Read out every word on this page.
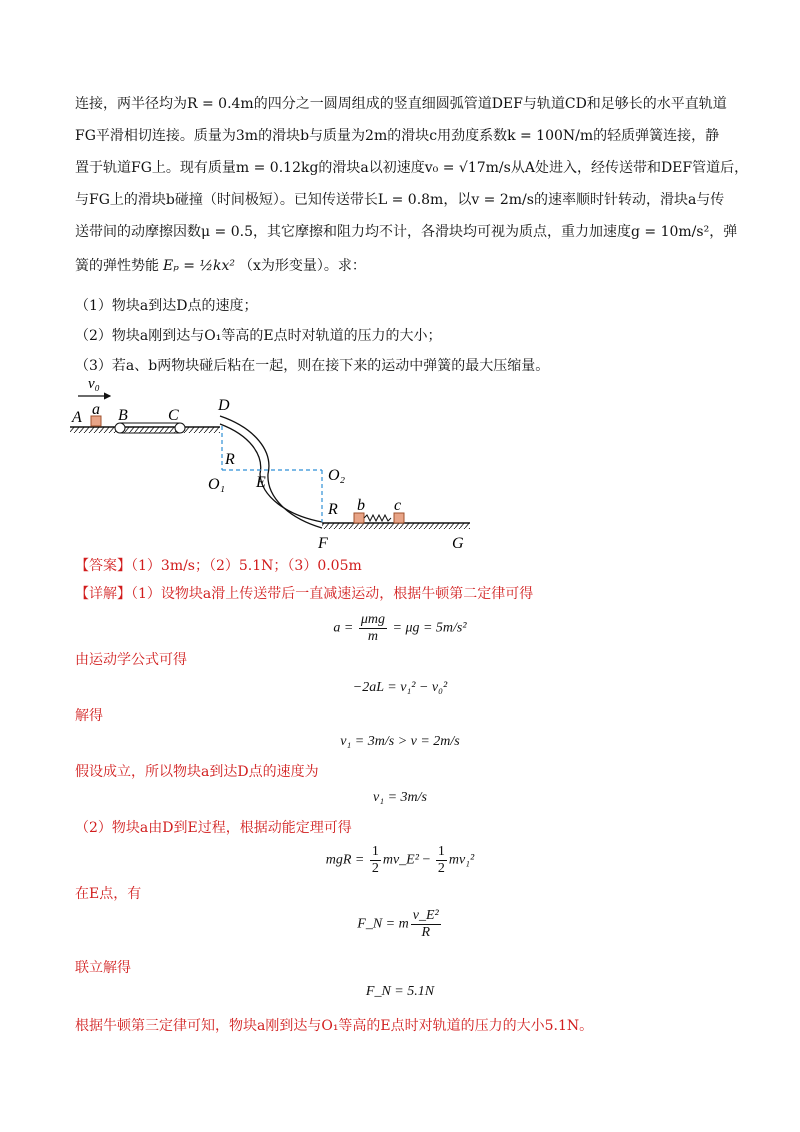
连接，两半径均为R = 0.4m的四分之一圆周组成的竖直细圆弧管道DEF与轨道CD和足够长的水平直轨道
FG平滑相切连接。质量为3m的滑块b与质量为2m的滑块c用劲度系数k = 100N/m的轻质弹簧连接，静
置于轨道FG上。现有质量m = 0.12kg的滑块a以初速度v₀ = √17m/s从A处进入，经传送带和DEF管道后，
与FG上的滑块b碰撞（时间极短）。已知传送带长L = 0.8m，以v = 2m/s的速率顺时针转动，滑块a与传
送带间的动摩擦因数μ = 0.5，其它摩擦和阻力均不计，各滑块均可视为质点，重力加速度g = 10m/s²，弹
簧的弹性势能 Eₚ = ½kx² （x为形变量）。求：
（1）物块a到达D点的速度；
（2）物块a刚到达与O₁等高的E点时对轨道的压力的大小；
（3）若a、b两物块碰后粘在一起，则在接下来的运动中弹簧的最大压缩量。
v₀
A a B	C
D
R
O₁ E	O₂
R b c
F	G
【答案】（1）3m/s；（2）5.1N；（3）0.05m
【详解】（1）设物块a滑上传送带后一直减速运动，根据牛顿第二定律可得
$a = \frac{\text{μmg}}{m} = \mu g = 5m/s^2$
由运动学公式可得
−2aL = v₁² − v₀²
解得
v₁ = 3m/s > v = 2m/s
假设成立，所以物块a到达D点的速度为
v₁ = 3m/s
（2）物块a由D到E过程，根据动能定理可得
mgR = $\frac{1}{2}$ mv_E² − $\frac{1}{2} mv_1^2$
在E点，有
F_N = m $\frac{\text{v\_E²}}{R}$
联立解得
F_N = 5.1N
根据牛顿第三定律可知，物块a刚到达与O₁等高的E点时对轨道的压力的大小5.1N。
